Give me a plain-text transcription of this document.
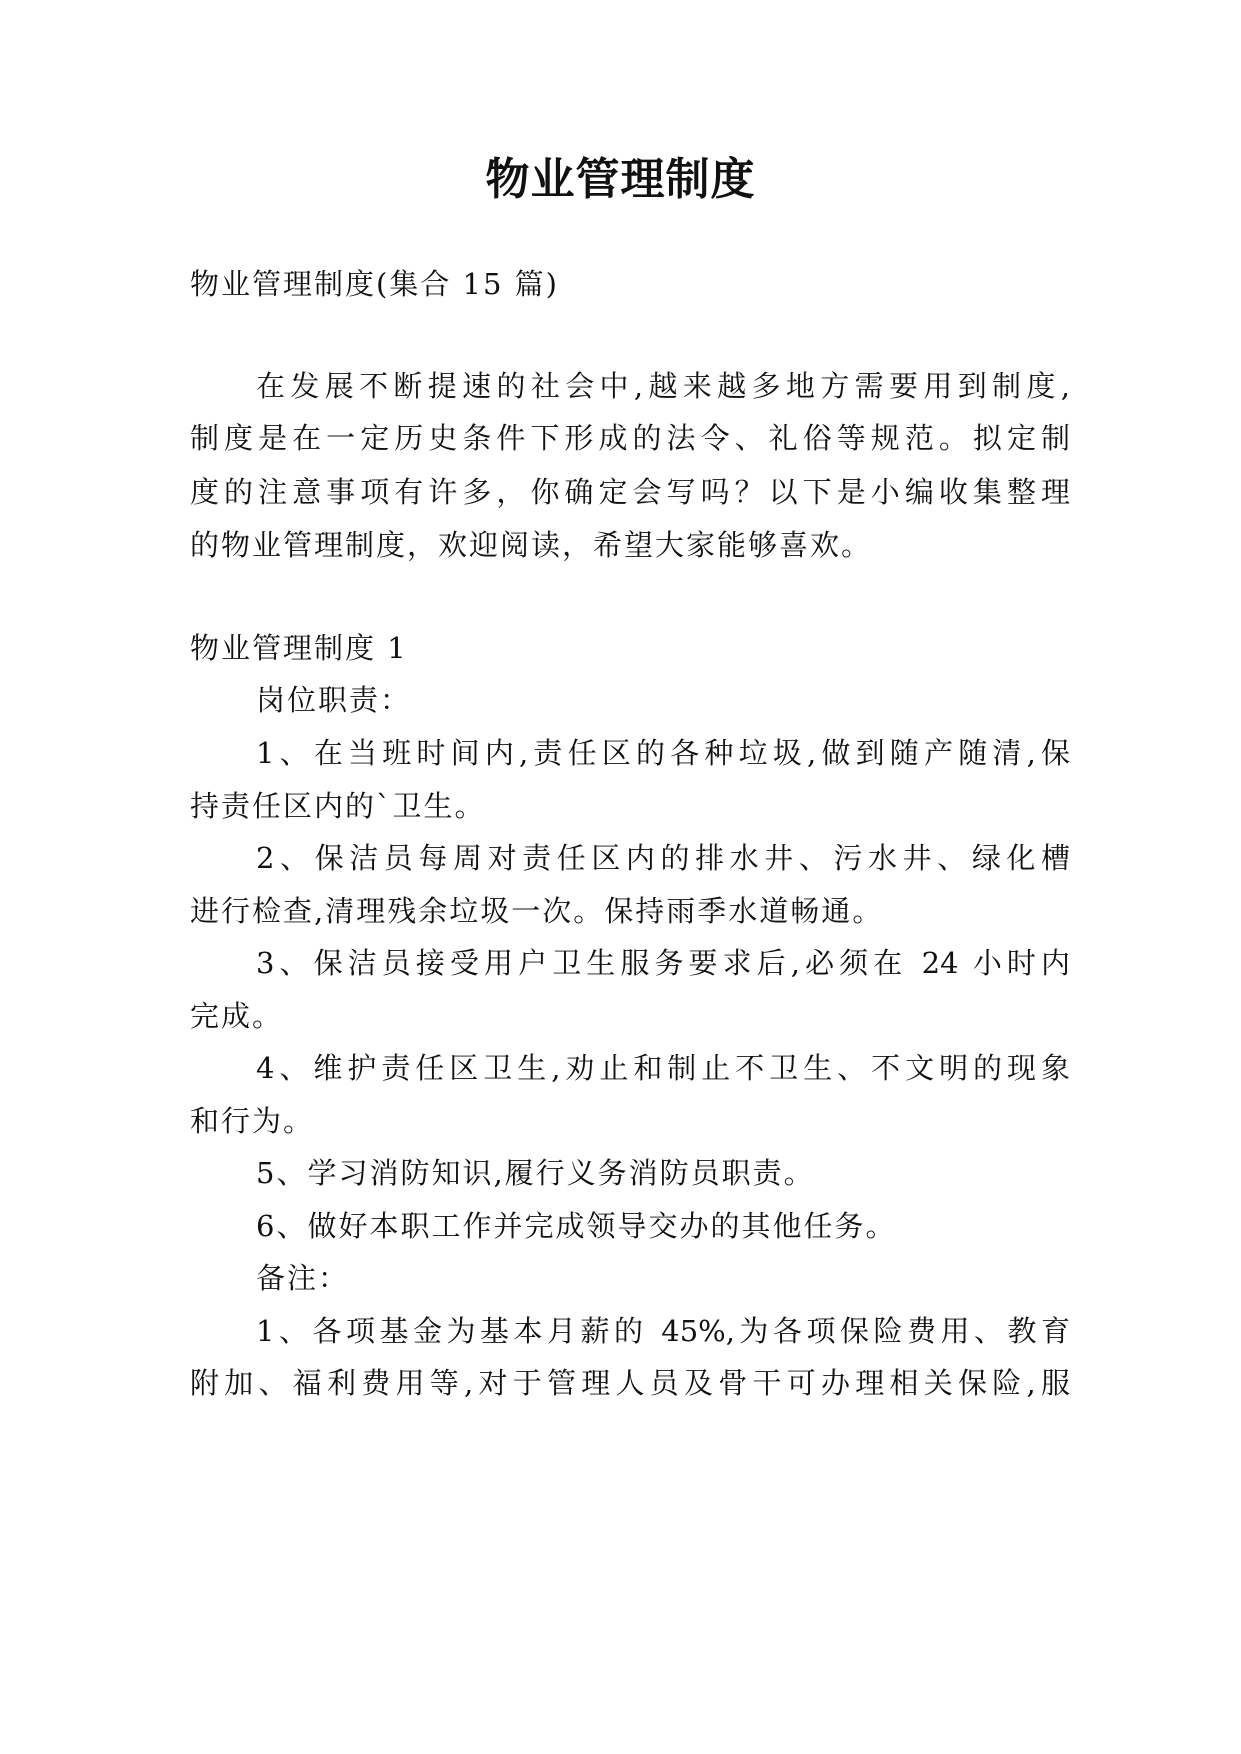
物业管理制度
物业管理制度(集合 15 篇)
在发展不断提速的社会中,越来越多地方需要用到制度,
制度是在一定历史条件下形成的法令、礼俗等规范。拟定制
度的注意事项有许多，你确定会写吗？以下是小编收集整理
的物业管理制度，欢迎阅读，希望大家能够喜欢。
物业管理制度 1
岗位职责：
1、在当班时间内,责任区的各种垃圾,做到随产随清,保
持责任区内的`卫生。
2、保洁员每周对责任区内的排水井、污水井、绿化槽
进行检查,清理残余垃圾一次。保持雨季水道畅通。
3、保洁员接受用户卫生服务要求后,必须在 24 小时内
完成。
4、维护责任区卫生,劝止和制止不卫生、不文明的现象
和行为。
5、学习消防知识,履行义务消防员职责。
6、做好本职工作并完成领导交办的其他任务。
备注：
1、各项基金为基本月薪的 45%,为各项保险费用、教育
附加、福利费用等,对于管理人员及骨干可办理相关保险,服
